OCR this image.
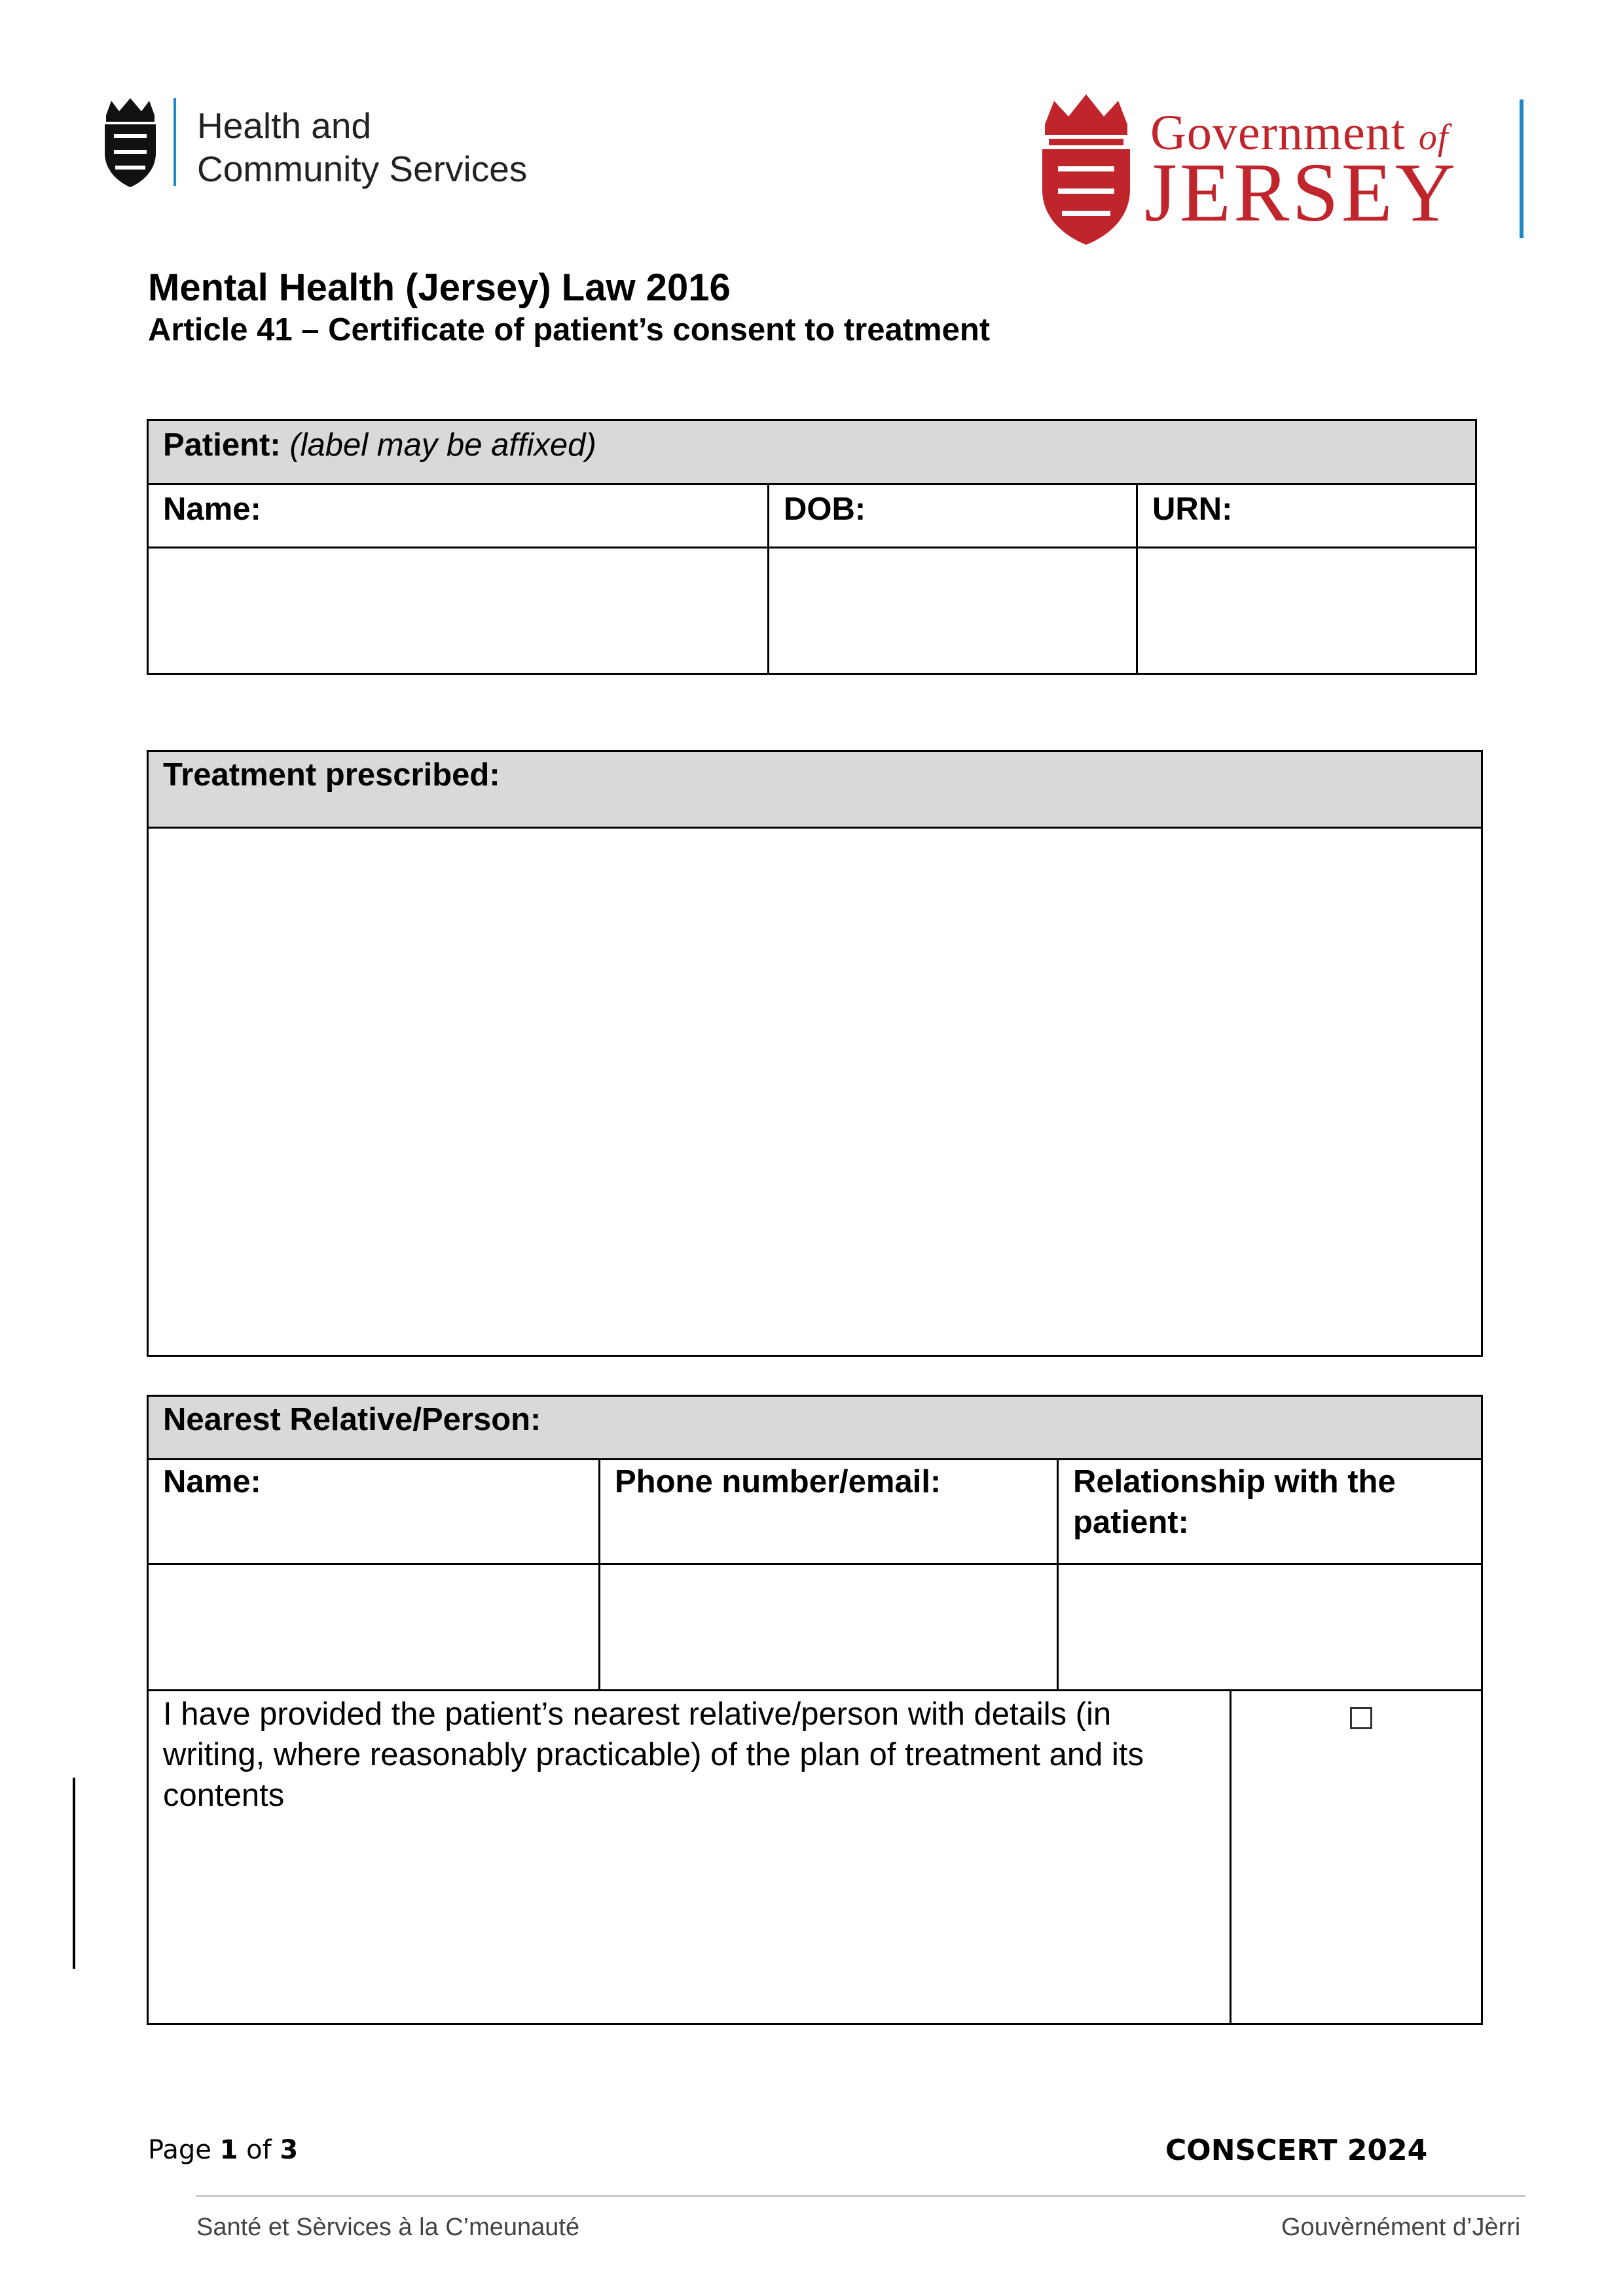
Health and
Community Services
Government of
JERSEY
Mental Health (Jersey) Law 2016
Article 41 – Certificate of patient’s consent to treatment
Patient: (label may be affixed)
Name:	DOB:	URN:
Treatment prescribed:
Nearest Relative/Person:
Name:	Phone number/email:	Relationship with the
patient:
I have provided the patient’s nearest relative/person with details (in
writing, where reasonably practicable) of the plan of treatment and its
contents
Page 1 of 3	CONSCERT 2024
Santé et Sèrvices à la C’meunauté	Gouvèrnément d’Jèrri
